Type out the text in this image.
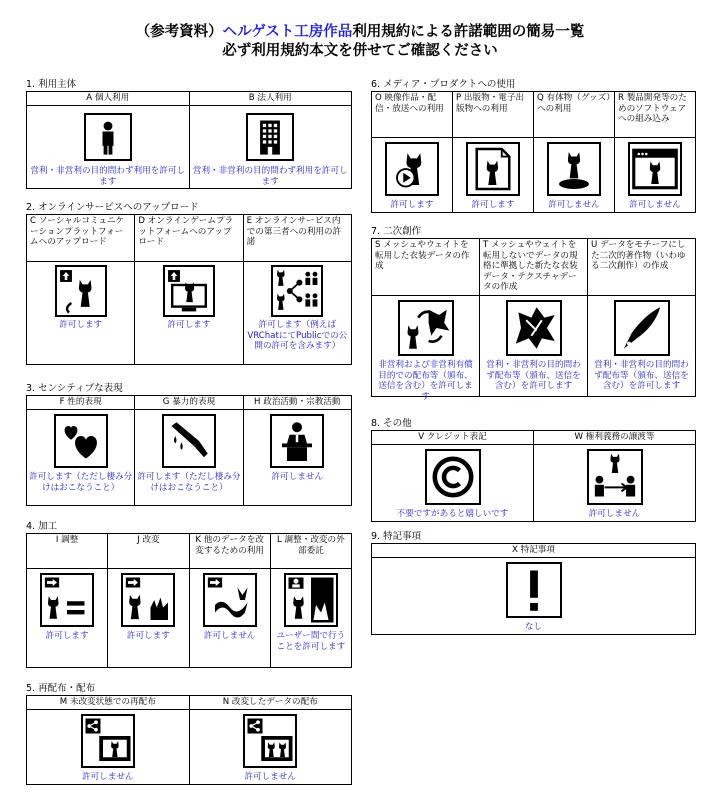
（参考資料）ヘルゲスト工房作品利用規約による許諾範囲の簡易一覧
必ず利用規約本文を併せてご確認ください
1. 利用主体
A 個人利用	B 法人利用

営利・非営利の目的問わず利用を許可します	営利・非営利の目的問わず利用を許可します
2. オンラインサービスへのアップロード
C ソーシャルコミュニケーションプラットフォームへのアップロード	D オンラインゲームプラットフォームへのアップロード	E オンラインサービス内での第三者への利用の許諾

許可します	許可します	許可します（例えばVRChatにてPublicでの公開の許可を含みます）
3. センシティブな表現
F 性的表現	G 暴力的表現	H 政治活動・宗教活動

許可します（ただし棲み分けはおこなうこと）	許可します（ただし棲み分けはおこなうこと）	許可しません
4. 加工
I 調整	J 改変	K 他のデータを改変するための利用	L 調整・改変の外部委託

許可します	許可します	許可しません	ユーザー間で行うことを許可します
5. 再配布・配布
M 未改変状態での再配布	N 改変したデータの配布

許可しません	許可しません
6. メディア・プロダクトへの使用
O 映像作品・配信・放送への利用	P 出版物・電子出版物への利用	Q 有体物（グッズ）への利用	R 製品開発等のためのソフトウェアへの組み込み

許可します	許可します	許可しません	許可しません
7. 二次創作
S メッシュやウェイトを転用した衣装データの作成	T メッシュやウェイトを転用しないでデータの規格に準拠した新たな衣装データ・テクスチャデータの作成	U データをモチーフにした二次的著作物（いわゆる二次創作）の作成

非営利および非営利有償目的での配布等（頒布、送信を含む）を許可します	営利・非営利の目的問わず配布等（頒布、送信を含む）を許可します	営利・非営利の目的問わず配布等（頒布、送信を含む）を許可します
8. その他
V クレジット表記	W 権利義務の譲渡等

不要ですがあると嬉しいです	許可しません
9. 特記事項
X 特記事項

なし
